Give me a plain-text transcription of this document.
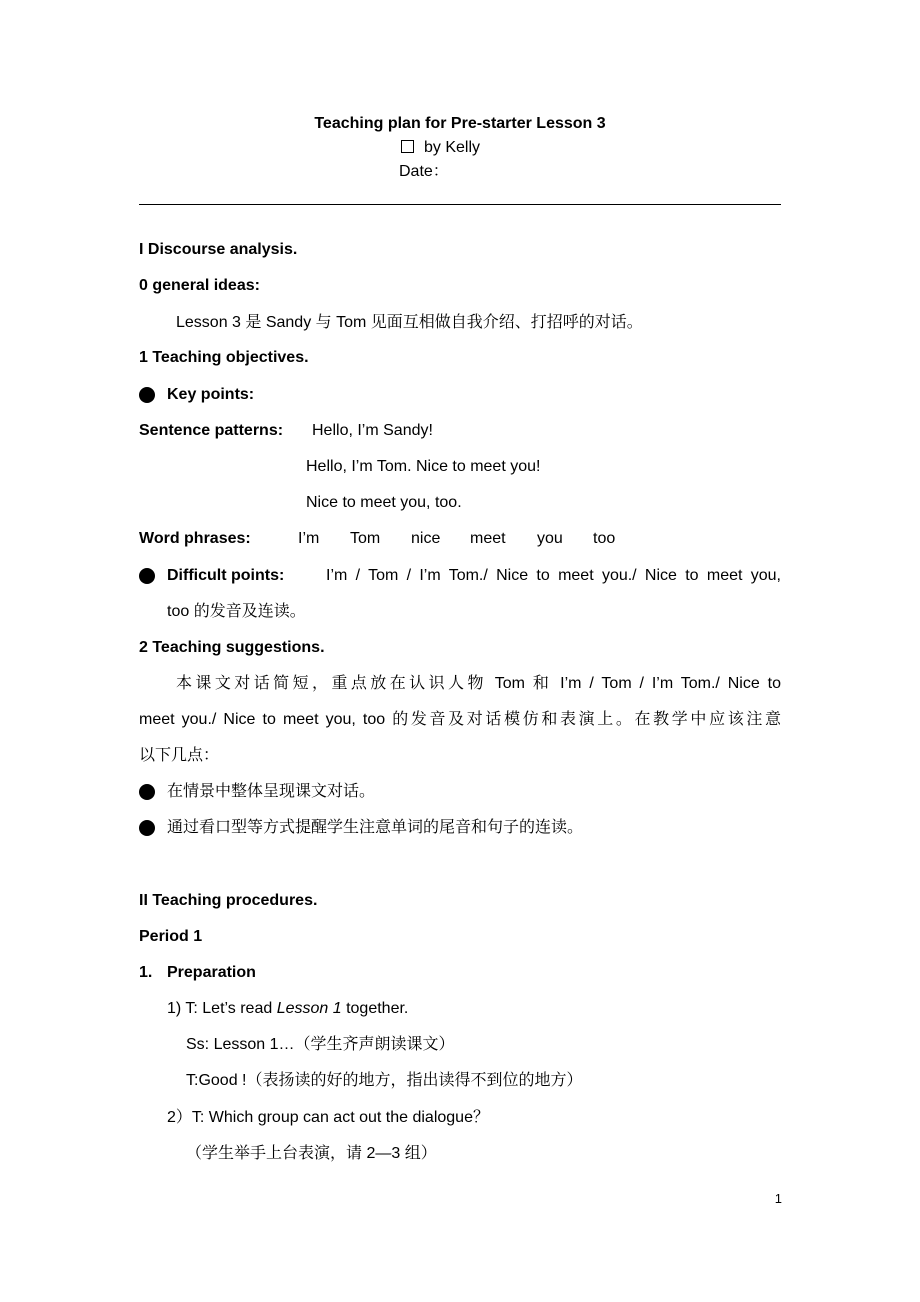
Teaching plan for Pre-starter Lesson 3
by Kelly
Date：
I Discourse analysis.
0 general ideas:
Lesson 3 是 Sandy 与 Tom 见面互相做自我介绍、打招呼的对话。
1 Teaching objectives.
Key points:
Sentence patterns: Hello, I’m Sandy!
Hello, I’m Tom. Nice to meet you!
Nice to meet you, too.
Word phrases:	I’m Tom nice meet you too
Difficult points:	I’m / Tom / I’m Tom./ Nice to meet you./ Nice to meet you,
too 的发音及连读。
2 Teaching suggestions.
本课文对话简短，重点放在认识人物 Tom 和 I’m / Tom / I’m Tom./ Nice to
meet you./ Nice to meet you, too 的发音及对话模仿和表演上。在教学中应该注意
以下几点：
在情景中整体呈现课文对话。
通过看口型等方式提醒学生注意单词的尾音和句子的连读。
II Teaching procedures.
Period 1
1. Preparation
1) T: Let’s read Lesson 1 together.
Ss: Lesson 1…（学生齐声朗读课文）
T:Good !（表扬读的好的地方，指出读得不到位的地方）
2）T: Which group can act out the dialogue？
（学生举手上台表演，请 2—3 组）
1
